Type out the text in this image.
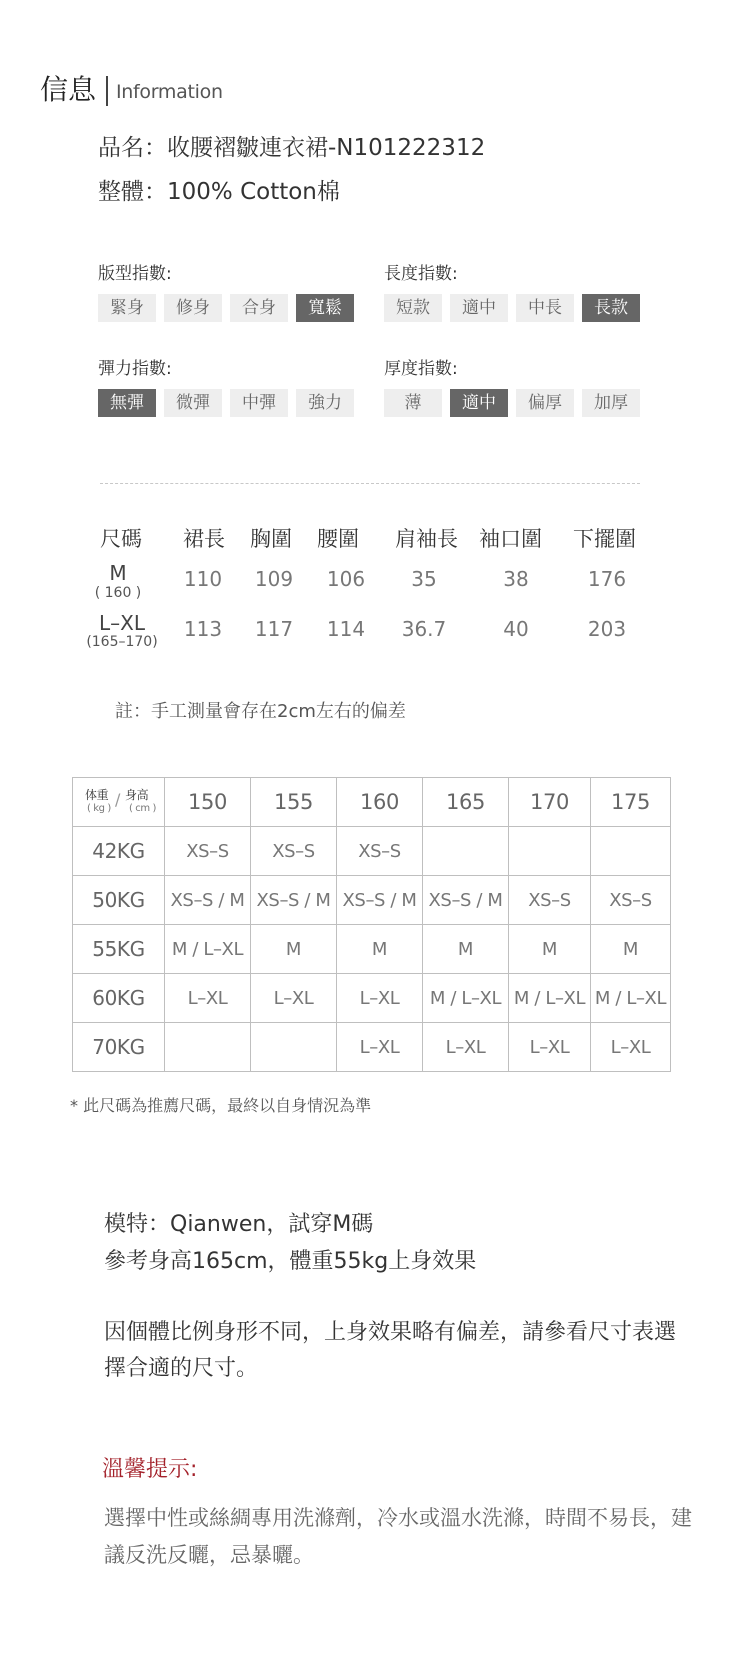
信息 Information
品名：收腰褶皺連衣裙-N101222312
整體：100% Cotton棉
版型指數:
緊身	修身	合身	寬鬆
長度指數:
短款	適中	中長	長款
彈力指數:
無彈	微彈	中彈	強力
厚度指數:
薄	適中	偏厚	加厚
尺碼 裙長 胸圍 腰圍 肩袖長 袖口圍 下擺圍
M
( 160 )
110	109	106	35	38	176
L–XL
(165–170)
113	117	114	36.7	40	203
註：手工測量會存在2cm左右的偏差
体重
( kg ) / 身高
( cm )	150	155	160	165	170	175
42KG	XS–S	XS–S	XS–S			
50KG	XS–S / M	XS–S / M	XS–S / M	XS–S / M	XS–S	XS–S
55KG	M / L–XL	M	M	M	M	M
60KG	L–XL	L–XL	L–XL	M / L–XL	M / L–XL	M / L–XL
70KG			L–XL	L–XL	L–XL	L–XL
* 此尺碼為推薦尺碼，最終以自身情況為準
模特：Qianwen，試穿M碼
參考身高165cm，體重55kg上身效果
因個體比例身形不同，上身效果略有偏差，請參看尺寸表選擇合適的尺寸。
溫馨提示:
選擇中性或絲綢專用洗滌劑，冷水或溫水洗滌，時間不易長，建議反洗反曬，忌暴曬。
